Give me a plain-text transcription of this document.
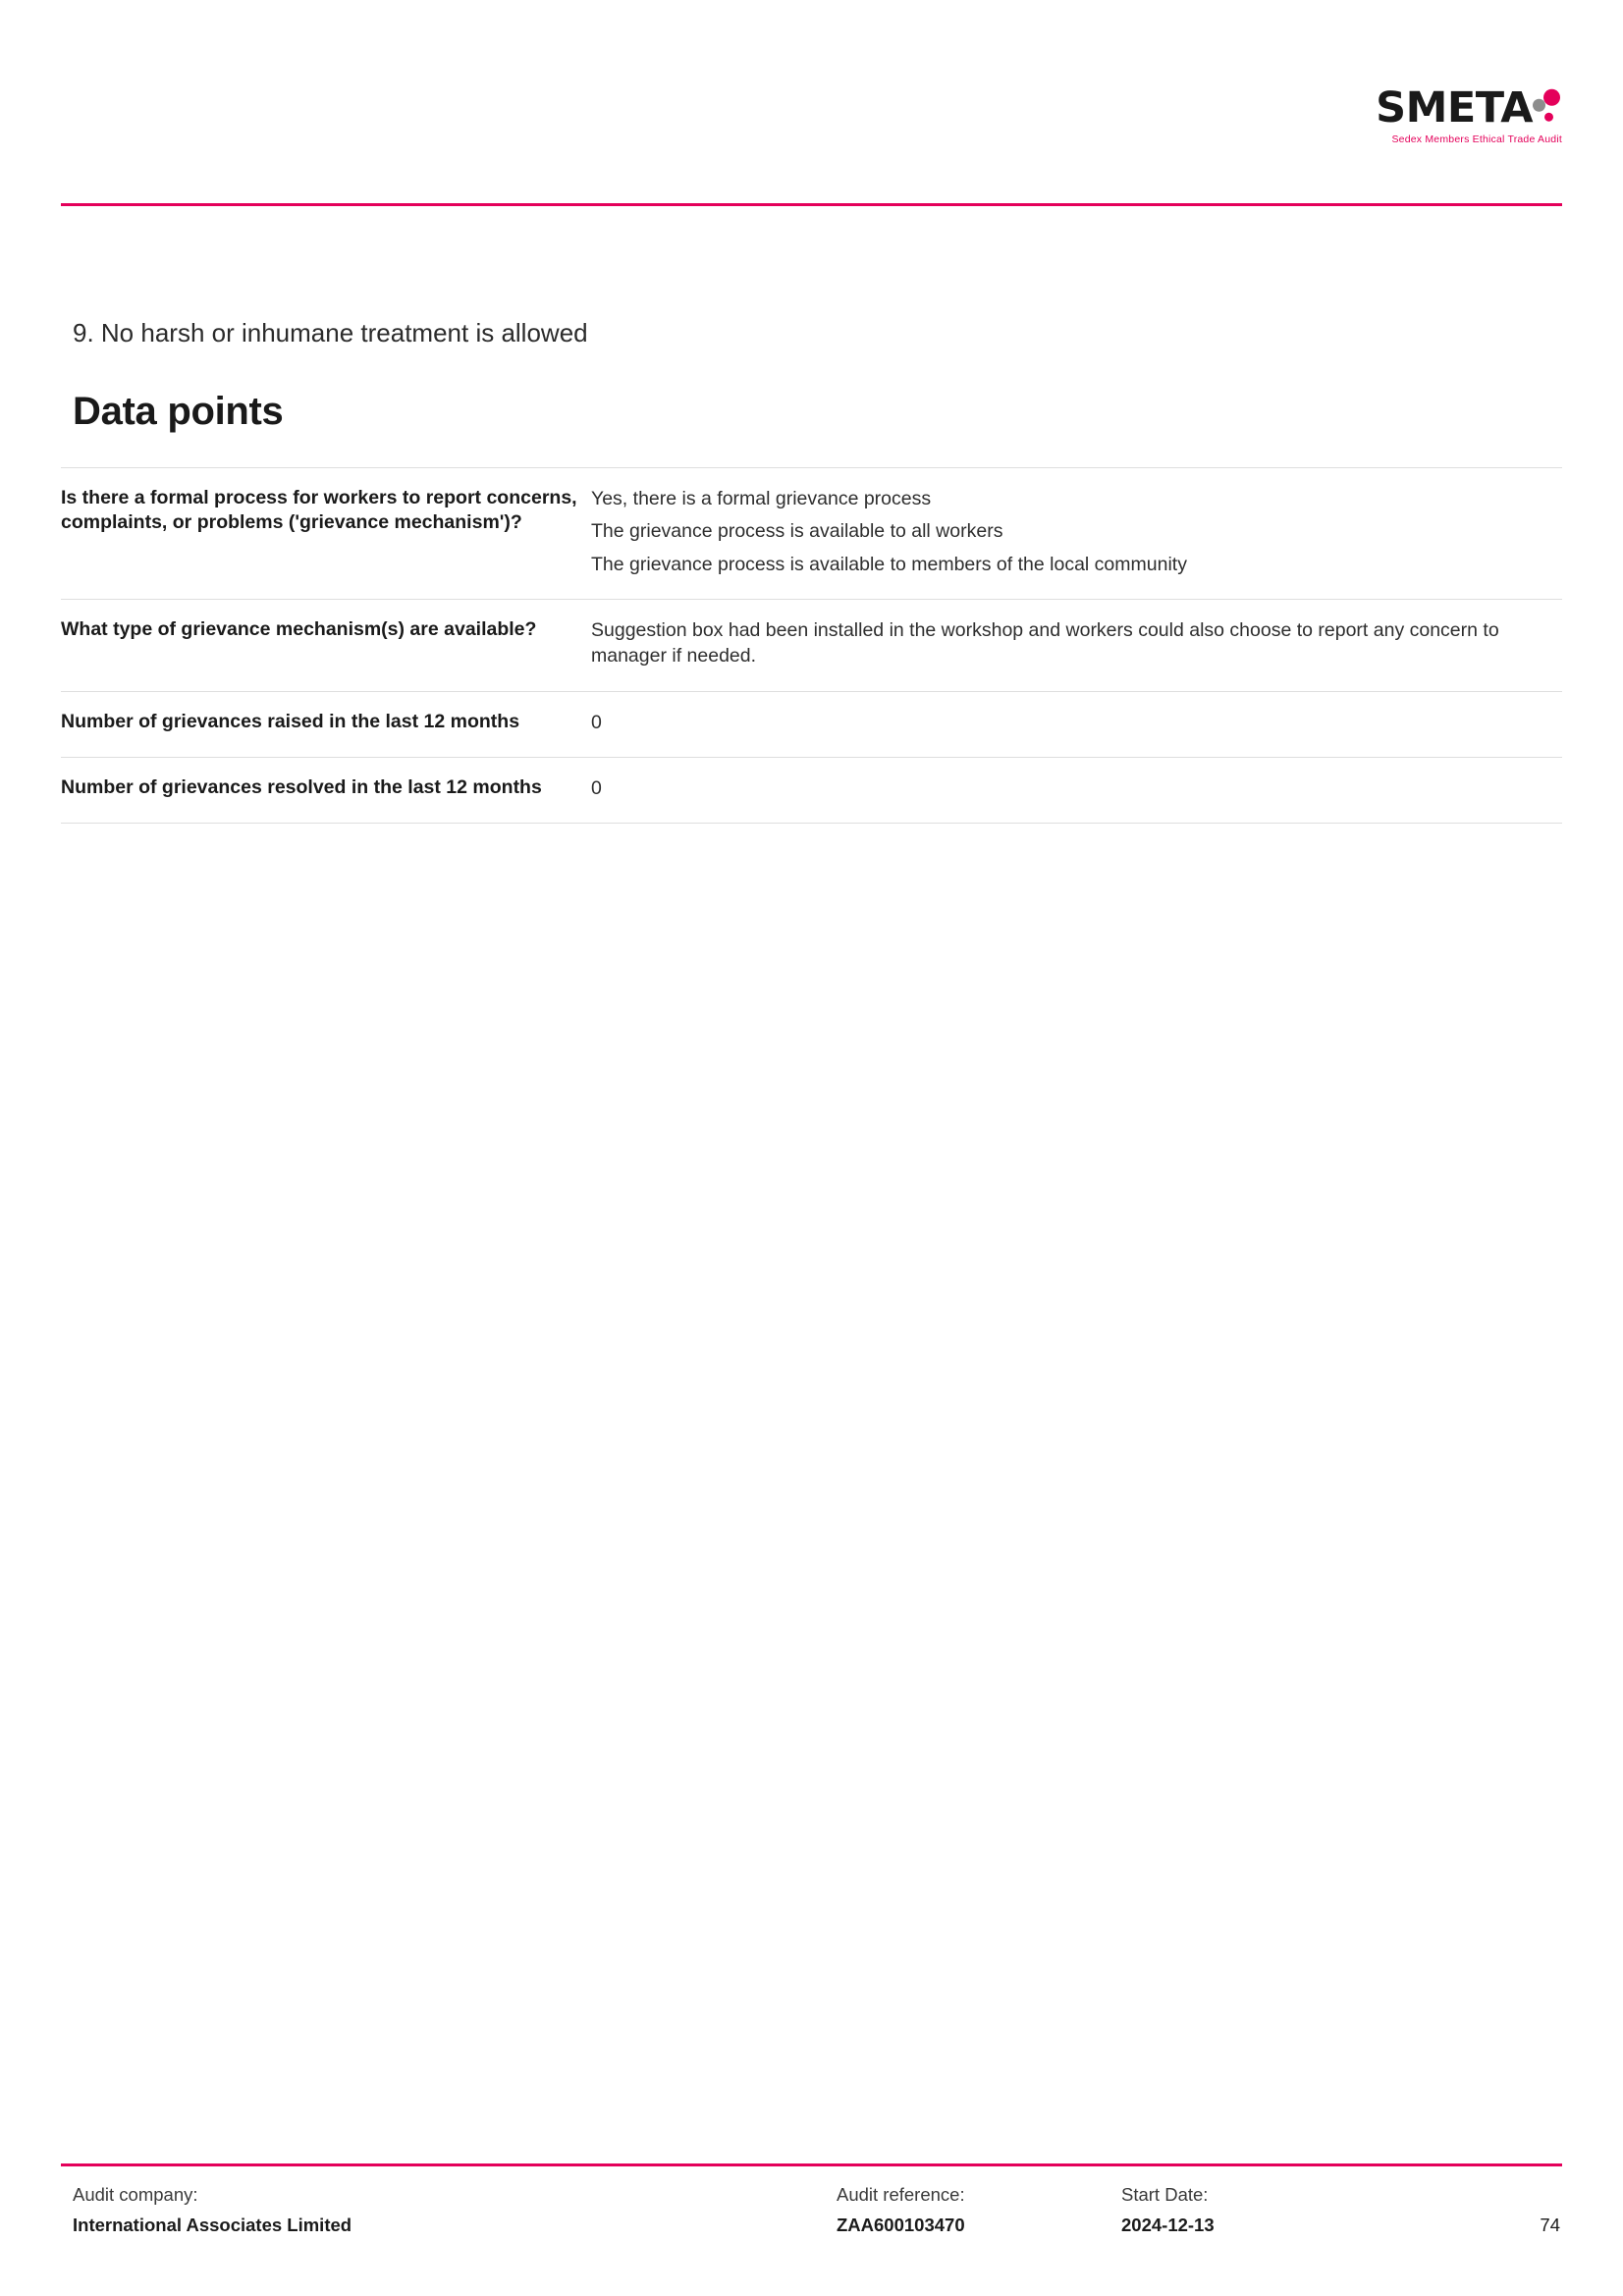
SMETA
Sedex Members Ethical Trade Audit
9. No harsh or inhumane treatment is allowed
Data points
Is there a formal process for workers to report concerns, complaints, or problems ('grievance mechanism')?	Yes, there is a formal grievance process
The grievance process is available to all workers
The grievance process is available to members of the local community

What type of grievance mechanism(s) are available?	Suggestion box had been installed in the workshop and workers could also choose to report any concern to manager if needed.

Number of grievances raised in the last 12 months	0

Number of grievances resolved in the last 12 months	0
Audit company:
International Associates Limited
Audit reference:
ZAA600103470
Start Date:
2024-12-13	74
